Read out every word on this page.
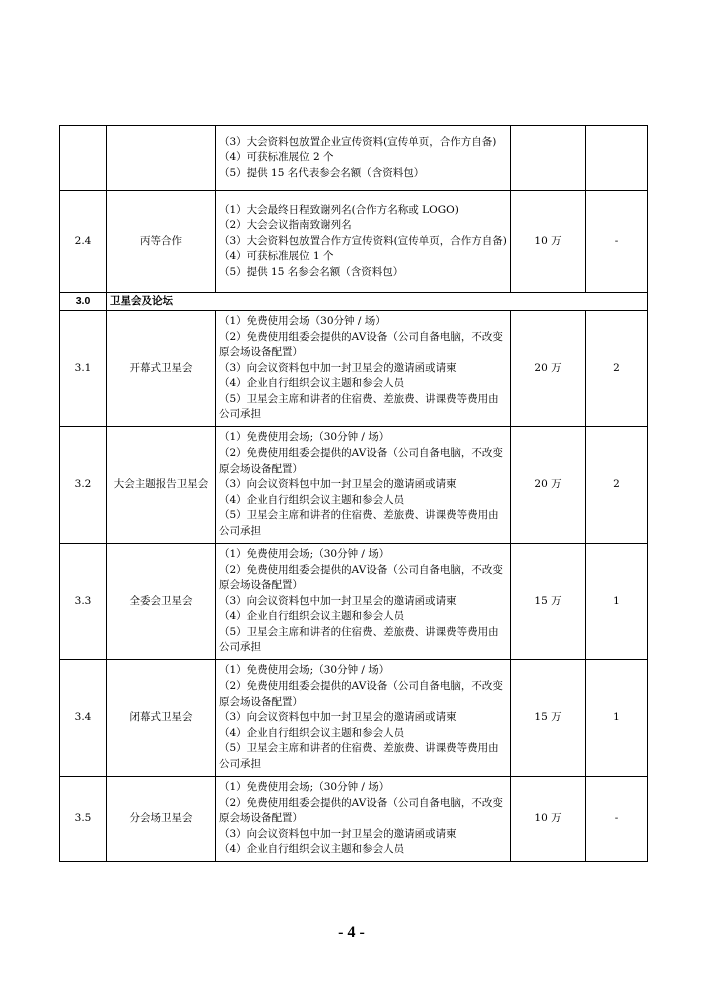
		（3）大会资料包放置企业宣传资料(宣传单页，合作方自备)
（4）可获标准展位 2 个
（5）提供 15 名代表参会名额（含资料包）		

2.4	丙等合作	（1）大会最终日程致谢列名(合作方名称或 LOGO)
（2）大会会议指南致谢列名
（3）大会资料包放置合作方宣传资料(宣传单页，合作方自备)
（4）可获标准展位 1 个
（5）提供 15 名参会名额（含资料包）	10 万	-
3.0	卫星会及论坛			
3.1	开幕式卫星会	（1）免费使用会场（30分钟 / 场）
（2）免费使用组委会提供的AV设备（公司自备电脑，不改变原会场设备配置）
（3）向会议资料包中加一封卫星会的邀请函或请柬
（4）企业自行组织会议主题和参会人员
（5）卫星会主席和讲者的住宿费、差旅费、讲课费等费用由公司承担	20 万	2
3.2	大会主题报告卫星会	（1）免费使用会场;（30分钟 / 场）
（2）免费使用组委会提供的AV设备（公司自备电脑，不改变原会场设备配置）
（3）向会议资料包中加一封卫星会的邀请函或请柬
（4）企业自行组织会议主题和参会人员
（5）卫星会主席和讲者的住宿费、差旅费、讲课费等费用由公司承担	20 万	2
3.3	全委会卫星会	（1）免费使用会场;（30分钟 / 场）
（2）免费使用组委会提供的AV设备（公司自备电脑，不改变原会场设备配置）
（3）向会议资料包中加一封卫星会的邀请函或请柬
（4）企业自行组织会议主题和参会人员
（5）卫星会主席和讲者的住宿费、差旅费、讲课费等费用由公司承担	15 万	1
3.4	闭幕式卫星会	（1）免费使用会场;（30分钟 / 场）
（2）免费使用组委会提供的AV设备（公司自备电脑，不改变原会场设备配置）
（3）向会议资料包中加一封卫星会的邀请函或请柬
（4）企业自行组织会议主题和参会人员
（5）卫星会主席和讲者的住宿费、差旅费、讲课费等费用由公司承担	15 万	1
3.5	分会场卫星会	（1）免费使用会场;（30分钟 / 场）
（2）免费使用组委会提供的AV设备（公司自备电脑，不改变原会场设备配置）
（3）向会议资料包中加一封卫星会的邀请函或请柬
（4）企业自行组织会议主题和参会人员	10 万	-
- 4 -
